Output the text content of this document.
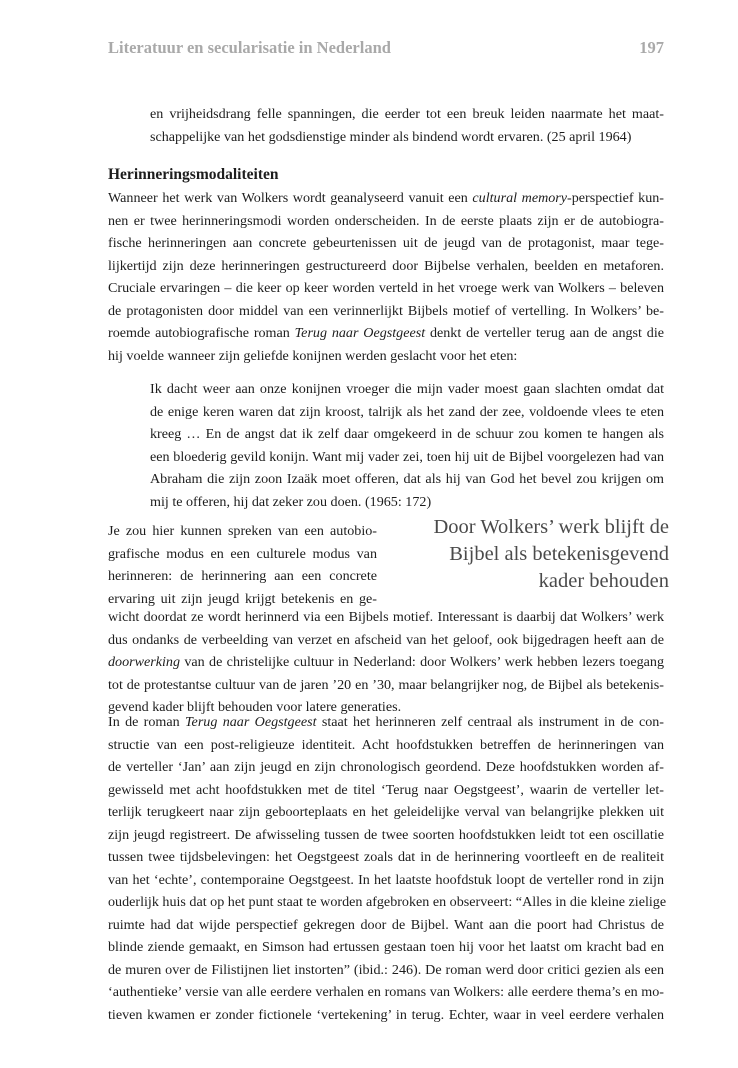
Literatuur en secularisatie in Nederland	197
en vrijheidsdrang felle spanningen, die eerder tot een breuk leiden naarmate het maat-
schappelijke van het godsdienstige minder als bindend wordt ervaren. (25 april 1964)
Herinneringsmodaliteiten
Wanneer het werk van Wolkers wordt geanalyseerd vanuit een cultural memory-perspectief kun-
nen er twee herinneringsmodi worden onderscheiden. In de eerste plaats zijn er de autobiogra-
fische herinneringen aan concrete gebeurtenissen uit de jeugd van de protagonist, maar tege-
lijkertijd zijn deze herinneringen gestructureerd door Bijbelse verhalen, beelden en metaforen.
Cruciale ervaringen – die keer op keer worden verteld in het vroege werk van Wolkers – beleven
de protagonisten door middel van een verinnerlijkt Bijbels motief of vertelling. In Wolkers’ be-
roemde autobiografische roman Terug naar Oegstgeest denkt de verteller terug aan de angst die
hij voelde wanneer zijn geliefde konijnen werden geslacht voor het eten:
Ik dacht weer aan onze konijnen vroeger die mijn vader moest gaan slachten omdat dat
de enige keren waren dat zijn kroost, talrijk als het zand der zee, voldoende vlees te eten
kreeg … En de angst dat ik zelf daar omgekeerd in de schuur zou komen te hangen als
een bloederig gevild konijn. Want mij vader zei, toen hij uit de Bijbel voorgelezen had van
Abraham die zijn zoon Izaäk moet offeren, dat als hij van God het bevel zou krijgen om
mij te offeren, hij dat zeker zou doen. (1965: 172)
Door Wolkers’ werk blijft de
Bijbel als betekenisgevend
kader behouden
Je zou hier kunnen spreken van een autobio-
grafische modus en een culturele modus van
herinneren: de herinnering aan een concrete
ervaring uit zijn jeugd krijgt betekenis en ge-
wicht doordat ze wordt herinnerd via een Bijbels motief. Interessant is daarbij dat Wolkers’ werk
dus ondanks de verbeelding van verzet en afscheid van het geloof, ook bijgedragen heeft aan de
doorwerking van de christelijke cultuur in Nederland: door Wolkers’ werk hebben lezers toegang
tot de protestantse cultuur van de jaren ’20 en ’30, maar belangrijker nog, de Bijbel als betekenis-
gevend kader blijft behouden voor latere generaties.
In de roman Terug naar Oegstgeest staat het herinneren zelf centraal als instrument in de con-
structie van een post-religieuze identiteit. Acht hoofdstukken betreffen de herinneringen van
de verteller ‘Jan’ aan zijn jeugd en zijn chronologisch geordend. Deze hoofdstukken worden af-
gewisseld met acht hoofdstukken met de titel ‘Terug naar Oegstgeest’, waarin de verteller let-
terlijk terugkeert naar zijn geboorteplaats en het geleidelijke verval van belangrijke plekken uit
zijn jeugd registreert. De afwisseling tussen de twee soorten hoofdstukken leidt tot een oscillatie
tussen twee tijdsbelevingen: het Oegstgeest zoals dat in de herinnering voortleeft en de realiteit
van het ‘echte’, contemporaine Oegstgeest. In het laatste hoofdstuk loopt de verteller rond in zijn
ouderlijk huis dat op het punt staat te worden afgebroken en observeert: “Alles in die kleine zielige
ruimte had dat wijde perspectief gekregen door de Bijbel. Want aan die poort had Christus de
blinde ziende gemaakt, en Simson had ertussen gestaan toen hij voor het laatst om kracht bad en
de muren over de Filistijnen liet instorten” (ibid.: 246). De roman werd door critici gezien als een
‘authentieke’ versie van alle eerdere verhalen en romans van Wolkers: alle eerdere thema’s en mo-
tieven kwamen er zonder fictionele ‘vertekening’ in terug. Echter, waar in veel eerdere verhalen
